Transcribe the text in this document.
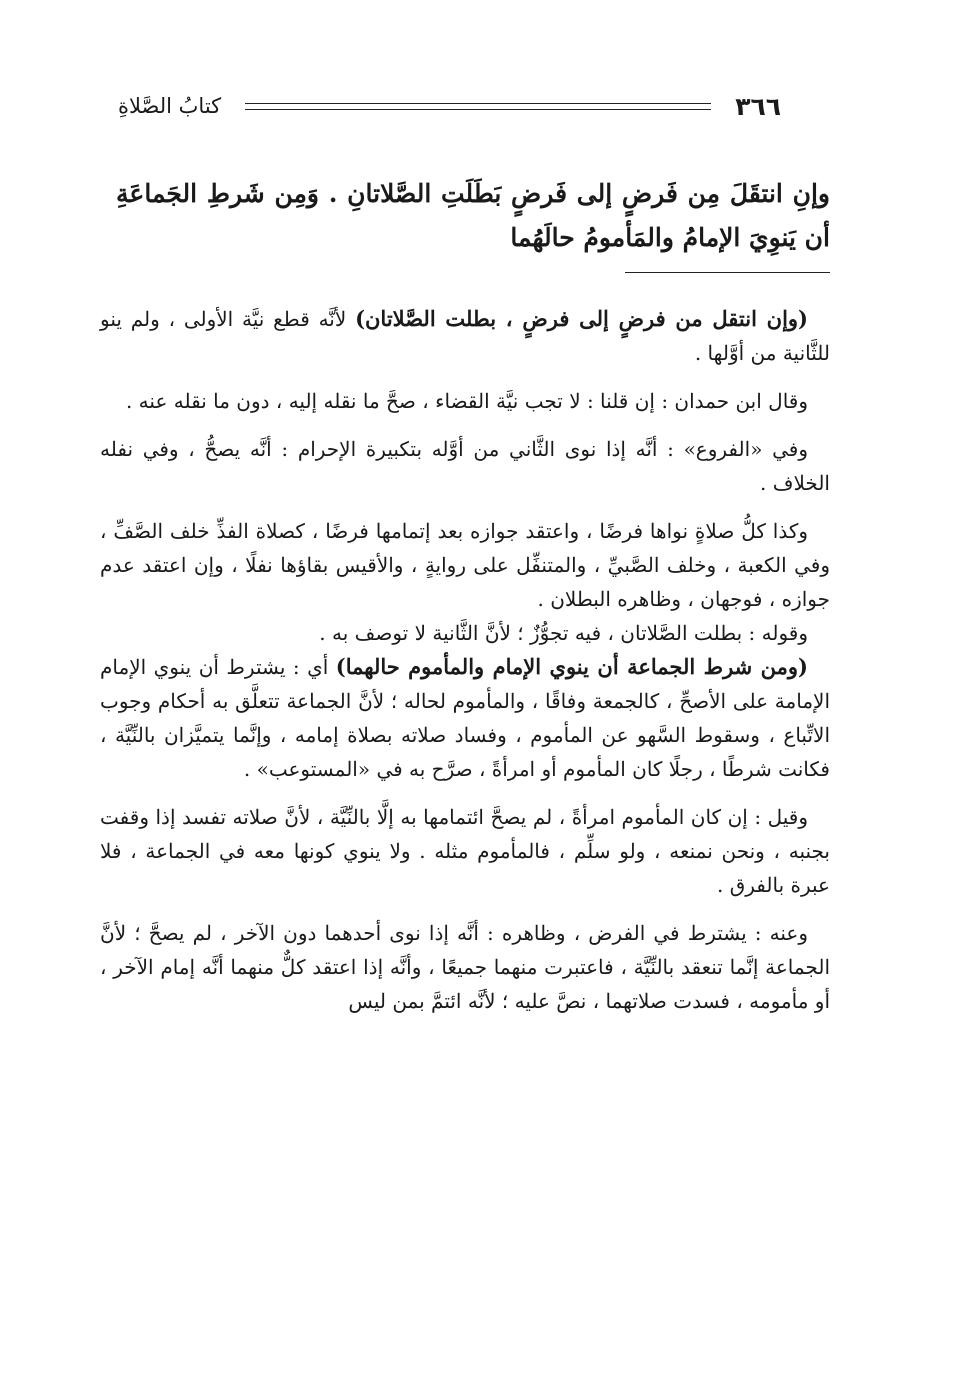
٣٦٦
كتابُ الصَّلاةِ
وإنِ انتقَلَ مِن فَرضٍ إلى فَرضٍ بَطَلَتِ الصَّلاتانِ . وَمِن شَرطِ الجَماعَةِ أن يَنوِيَ الإمامُ والمَأمومُ حالَهُما

(وإن انتقل من فرضٍ إلى فرضٍ ، بطلت الصَّلاتان) لأنَّه قطع نيَّة الأولى ، ولم ينو للثَّانية من أوَّلها .

وقال ابن حمدان : إن قلنا : لا تجب نيَّة القضاء ، صحَّ ما نقله إليه ، دون ما نقله عنه .

وفي «الفروع» : أنَّه إذا نوى الثَّاني من أوَّله بتكبيرة الإحرام : أنَّه يصحُّ ، وفي نفله الخلاف .

وكذا كلُّ صلاةٍ نواها فرضًا ، واعتقد جوازه بعد إتمامها فرضًا ، كصلاة الفذِّ خلف الصَّفِّ ، وفي الكعبة ، وخلف الصَّبيِّ ، والمتنفِّل على روايةٍ ، والأقيس بقاؤها نفلًا ، وإن اعتقد عدم جوازه ، فوجهان ، وظاهره البطلان .

وقوله : بطلت الصَّلاتان ، فيه تجوُّزٌ ؛ لأنَّ الثَّانية لا توصف به .

(ومن شرط الجماعة أن ينوي الإمام والمأموم حالهما) أي : يشترط أن ينوي الإمام الإمامة على الأصحِّ ، كالجمعة وفاقًا ، والمأموم لحاله ؛ لأنَّ الجماعة تتعلَّق به أحكام وجوب الاتِّباع ، وسقوط السَّهو عن المأموم ، وفساد صلاته بصلاة إمامه ، وإنَّما يتميَّزان بالنِّيَّة ، فكانت شرطًا ، رجلًا كان المأموم أو امرأةً ، صرَّح به في «المستوعب» .

وقيل : إن كان المأموم امرأةً ، لم يصحَّ ائتمامها به إلَّا بالنِّيَّة ، لأنَّ صلاته تفسد إذا وقفت بجنبه ، ونحن نمنعه ، ولو سلِّم ، فالمأموم مثله . ولا ينوي كونها معه في الجماعة ، فلا عبرة بالفرق .

وعنه : يشترط في الفرض ، وظاهره : أنَّه إذا نوى أحدهما دون الآخر ، لم يصحَّ ؛ لأنَّ الجماعة إنَّما تنعقد بالنِّيَّة ، فاعتبرت منهما جميعًا ، وأنَّه إذا اعتقد كلٌّ منهما أنَّه إمام الآخر ، أو مأمومه ، فسدت صلاتهما ، نصَّ عليه ؛ لأنَّه ائتمَّ بمن ليس
